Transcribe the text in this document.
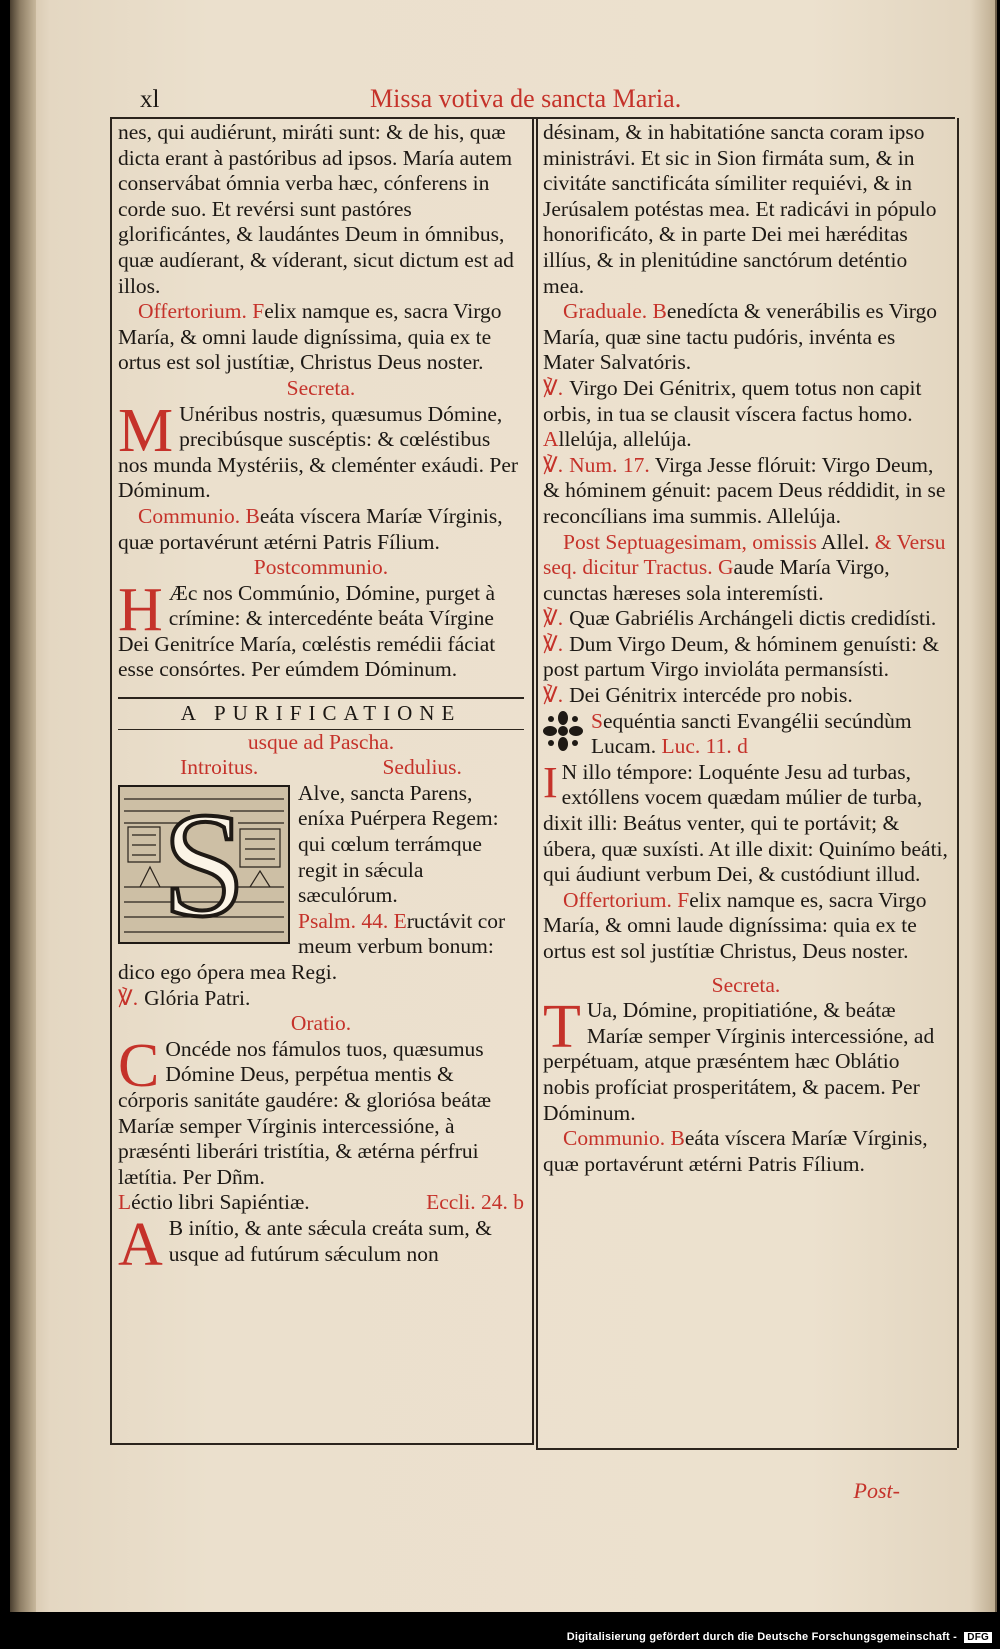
xl	Missa votiva de sancta Maria.

nes, qui audiérunt, miráti sunt: & de his, quæ dicta erant à pastóribus ad ipsos. María autem conservábat ómnia verba hæc, cónferens in corde suo. Et revérsi sunt pastóres glorificántes, & laudántes Deum in ómnibus, quæ audíerant, & víderant, sicut dictum est ad illos.

Offertorium. Felix namque es, sacra Virgo María, & omni laude digníssima, quia ex te ortus est sol justítiæ, Christus Deus noster.

Secreta.

M Unéribus nostris, quæsumus Dómine, precibúsque suscéptis: & cœléstibus nos munda Mystériis, & cleménter exáudi. Per Dóminum.

Communio. Beáta víscera Maríæ Vírginis, quæ portavérunt ætérni Patris Fílium.

Postcommunio.

H Æc nos Commúnio, Dómine, purget à crímine: & intercedénte beáta Vírgine Dei Genitríce María, cœléstis remédii fáciat esse consórtes. Per eúmdem Dóminum.

A PURIFICATIONE

usque ad Pascha.

Introitus.	Sedulius.

S Alve, sancta Parens, eníxa Puérpera Regem: qui cœlum terrámque regit in sǽcula sæculórum.

Psalm. 44. Eructávit cor meum verbum bonum: dico ego ópera mea Regi.

℣. Glória Patri.

Oratio.

C Oncéde nos fámulos tuos, quæsumus Dómine Deus, perpétua mentis & córporis sanitáte gaudére: & gloriósa beátæ Maríæ semper Vírginis intercessióne, à præsénti liberári tristítia, & ætérna pérfrui lætítia. Per Dñm.

Eccli. 24. b
Léctio libri Sapiéntiæ.

A B inítio, & ante sǽcula creáta sum, & usque ad futúrum sǽculum non

désinam, & in habitatióne sancta coram ipso ministrávi. Et sic in Sion firmáta sum, & in civitáte sanctificáta símiliter requiévi, & in Jerúsalem potéstas mea. Et radicávi in pópulo honorificáto, & in parte Dei mei hæréditas illíus, & in plenitúdine sanctórum deténtio mea.

Graduale. Benedícta & venerábilis es Virgo María, quæ sine tactu pudóris, invénta es Mater Salvatóris.

℣. Virgo Dei Génitrix, quem totus non capit orbis, in tua se clausit víscera factus homo. Allelúja, allelúja.

℣. Num. 17. Virga Jesse flóruit: Virgo Deum, & hóminem génuit: pacem Deus réddidit, in se reconcílians ima summis. Allelúja.

Post Septuagesimam, omissis Allel. & Versu seq. dicitur Tractus. Gaude María Virgo, cunctas hæreses sola interemísti.

℣. Quæ Gabriélis Archángeli dictis credidísti.

℣. Dum Virgo Deum, & hóminem genuísti: & post partum Virgo invioláta permansísti.

℣. Dei Génitrix intercéde pro nobis.

Sequéntia sancti Evangélii secúndùm Lucam. Luc. 11. d

I N illo témpore: Loquénte Jesu ad turbas, extóllens vocem quædam múlier de turba, dixit illi: Beátus venter, qui te portávit; & úbera, quæ suxísti. At ille dixit: Quinímo beáti, qui áudiunt verbum Dei, & custódiunt illud.

Offertorium. Felix namque es, sacra Virgo María, & omni laude digníssima: quia ex te ortus est sol justítiæ Christus, Deus noster.

Secreta.

T Ua, Dómine, propitiatióne, & beátæ Maríæ semper Vírginis intercessióne, ad perpétuam, atque præséntem hæc Oblátio nobis profíciat prosperitátem, & pacem. Per Dóminum.

Communio. Beáta víscera Maríæ Vírginis, quæ portavérunt ætérni Patris Fílium.

Post-
Digitalisierung gefördert durch die Deutsche Forschungsgemeinschaft - DFG
